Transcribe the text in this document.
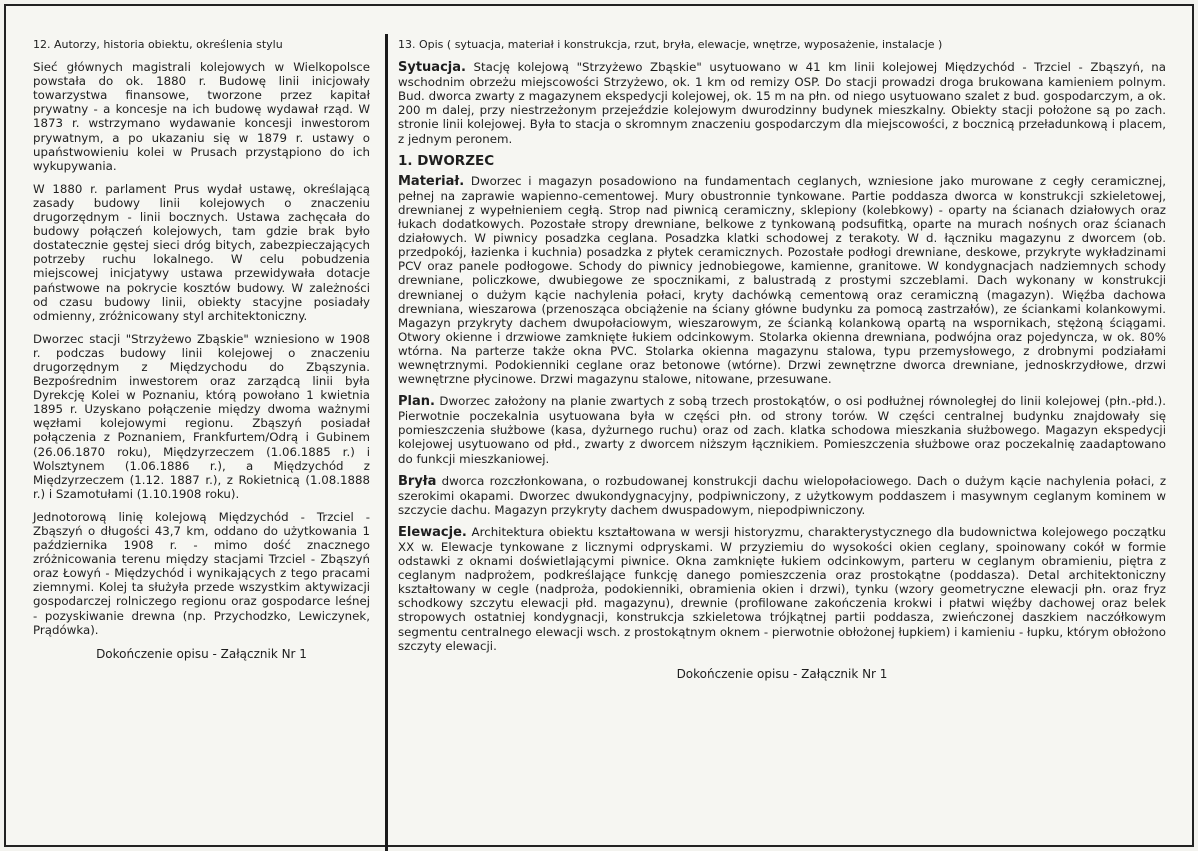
12. Autorzy, historia obiektu, określenia stylu

Sieć głównych magistrali kolejowych w Wielkopolsce powstała do ok. 1880 r. Budowę linii inicjowały towarzystwa finansowe, tworzone przez kapitał prywatny - a koncesje na ich budowę wydawał rząd. W 1873 r. wstrzymano wydawanie koncesji inwestorom prywatnym, a po ukazaniu się w 1879 r. ustawy o upaństwowieniu kolei w Prusach przystąpiono do ich wykupywania.

W 1880 r. parlament Prus wydał ustawę, określającą zasady budowy linii kolejowych o znaczeniu drugorzędnym - linii bocznych. Ustawa zachęcała do budowy połączeń kolejowych, tam gdzie brak było dostatecznie gęstej sieci dróg bitych, zabezpieczających potrzeby ruchu lokalnego. W celu pobudzenia miejscowej inicjatywy ustawa przewidywała dotacje państwowe na pokrycie kosztów budowy. W zależności od czasu budowy linii, obiekty stacyjne posiadały odmienny, zróżnicowany styl architektoniczny.

Dworzec stacji "Strzyżewo Zbąskie" wzniesiono w 1908 r. podczas budowy linii kolejowej o znaczeniu drugorzędnym z Międzychodu do Zbąszynia. Bezpośrednim inwestorem oraz zarządcą linii była Dyrekcję Kolei w Poznaniu, którą powołano 1 kwietnia 1895 r. Uzyskano połączenie między dwoma ważnymi węzłami kolejowymi regionu. Zbąszyń posiadał połączenia z Poznaniem, Frankfurtem/Odrą i Gubinem (26.06.1870 roku), Międzyrzeczem (1.06.1885 r.) i Wolsztynem (1.06.1886 r.), a Międzychód z Międzyrzeczem (1.12. 1887 r.), z Rokietnicą (1.08.1888 r.) i Szamotułami (1.10.1908 roku).

Jednotorową linię kolejową Międzychód - Trzciel - Zbąszyń o długości 43,7 km, oddano do użytkowania 1 października 1908 r. - mimo dość znacznego zróżnicowania terenu między stacjami Trzciel - Zbąszyń oraz Łowyń - Międzychód i wynikających z tego pracami ziemnymi. Kolej ta służyła przede wszystkim aktywizacji gospodarczej rolniczego regionu oraz gospodarce leśnej - pozyskiwanie drewna (np. Przychodzko, Lewiczynek, Prądówka).

Dokończenie opisu - Załącznik Nr 1
13. Opis ( sytuacja, materiał i konstrukcja, rzut, bryła, elewacje, wnętrze, wyposażenie, instalacje )

Sytuacja. Stację kolejową "Strzyżewo Zbąskie" usytuowano w 41 km linii kolejowej Międzychód - Trzciel - Zbąszyń, na wschodnim obrzeżu miejscowości Strzyżewo, ok. 1 km od remizy OSP. Do stacji prowadzi droga brukowana kamieniem polnym. Bud. dworca zwarty z magazynem ekspedycji kolejowej, ok. 15 m na płn. od niego usytuowano szalet z bud. gospodarczym, a ok. 200 m dalej, przy niestrzeżonym przejeździe kolejowym dwurodzinny budynek mieszkalny. Obiekty stacji położone są po zach. stronie linii kolejowej. Była to stacja o skromnym znaczeniu gospodarczym dla miejscowości, z bocznicą przeładunkową i placem, z jednym peronem.

1. DWORZEC

Materiał. Dworzec i magazyn posadowiono na fundamentach ceglanych, wzniesione jako murowane z cegły ceramicznej, pełnej na zaprawie wapienno-cementowej. Mury obustronnie tynkowane. Partie poddasza dworca w konstrukcji szkieletowej, drewnianej z wypełnieniem cegłą. Strop nad piwnicą ceramiczny, sklepiony (kolebkowy) - oparty na ścianach działowych oraz łukach dodatkowych. Pozostałe stropy drewniane, belkowe z tynkowaną podsufitką, oparte na murach nośnych oraz ścianach działowych. W piwnicy posadzka ceglana. Posadzka klatki schodowej z terakoty. W d. łączniku magazynu z dworcem (ob. przedpokój, łazienka i kuchnia) posadzka z płytek ceramicznych. Pozostałe podłogi drewniane, deskowe, przykryte wykładzinami PCV oraz panele podłogowe. Schody do piwnicy jednobiegowe, kamienne, granitowe. W kondygnacjach nadziemnych schody drewniane, policzkowe, dwubiegowe ze spocznikami, z balustradą z prostymi szczeblami. Dach wykonany w konstrukcji drewnianej o dużym kącie nachylenia połaci, kryty dachówką cementową oraz ceramiczną (magazyn). Więźba dachowa drewniana, wieszarowa (przenosząca obciążenie na ściany główne budynku za pomocą zastrzałów), ze ściankami kolankowymi. Magazyn przykryty dachem dwupołaciowym, wieszarowym, ze ścianką kolankową opartą na wspornikach, stężoną ściągami. Otwory okienne i drzwiowe zamknięte łukiem odcinkowym. Stolarka okienna drewniana, podwójna oraz pojedyncza, w ok. 80% wtórna. Na parterze także okna PVC. Stolarka okienna magazynu stalowa, typu przemysłowego, z drobnymi podziałami wewnętrznymi. Podokienniki ceglane oraz betonowe (wtórne). Drzwi zewnętrzne dworca drewniane, jednoskrzydłowe, drzwi wewnętrzne płycinowe. Drzwi magazynu stalowe, nitowane, przesuwane.

Plan. Dworzec założony na planie zwartych z sobą trzech prostokątów, o osi podłużnej równoległej do linii kolejowej (płn.-płd.). Pierwotnie poczekalnia usytuowana była w części płn. od strony torów. W części centralnej budynku znajdowały się pomieszczenia służbowe (kasa, dyżurnego ruchu) oraz od zach. klatka schodowa mieszkania służbowego. Magazyn ekspedycji kolejowej usytuowano od płd., zwarty z dworcem niższym łącznikiem. Pomieszczenia służbowe oraz poczekalnię zaadaptowano do funkcji mieszkaniowej.

Bryła dworca rozczłonkowana, o rozbudowanej konstrukcji dachu wielopołaciowego. Dach o dużym kącie nachylenia połaci, z szerokimi okapami. Dworzec dwukondygnacyjny, podpiwniczony, z użytkowym poddaszem i masywnym ceglanym kominem w szczycie dachu. Magazyn przykryty dachem dwuspadowym, niepodpiwniczony.

Elewacje. Architektura obiektu kształtowana w wersji historyzmu, charakterystycznego dla budownictwa kolejowego początku XX w. Elewacje tynkowane z licznymi odpryskami. W przyziemiu do wysokości okien ceglany, spoinowany cokół w formie odstawki z oknami doświetlającymi piwnice. Okna zamknięte łukiem odcinkowym, parteru w ceglanym obramieniu, piętra z ceglanym nadprożem, podkreślające funkcję danego pomieszczenia oraz prostokątne (poddasza). Detal architektoniczny kształtowany w cegle (nadproża, podokienniki, obramienia okien i drzwi), tynku (wzory geometryczne elewacji płn. oraz fryz schodkowy szczytu elewacji płd. magazynu), drewnie (profilowane zakończenia krokwi i płatwi więźby dachowej oraz belek stropowych ostatniej kondygnacji, konstrukcja szkieletowa trójkątnej partii poddasza, zwieńczonej daszkiem naczółkowym segmentu centralnego elewacji wsch. z prostokątnym oknem - pierwotnie obłożonej łupkiem) i kamieniu - łupku, którym obłożono szczyty elewacji.

Dokończenie opisu - Załącznik Nr 1
